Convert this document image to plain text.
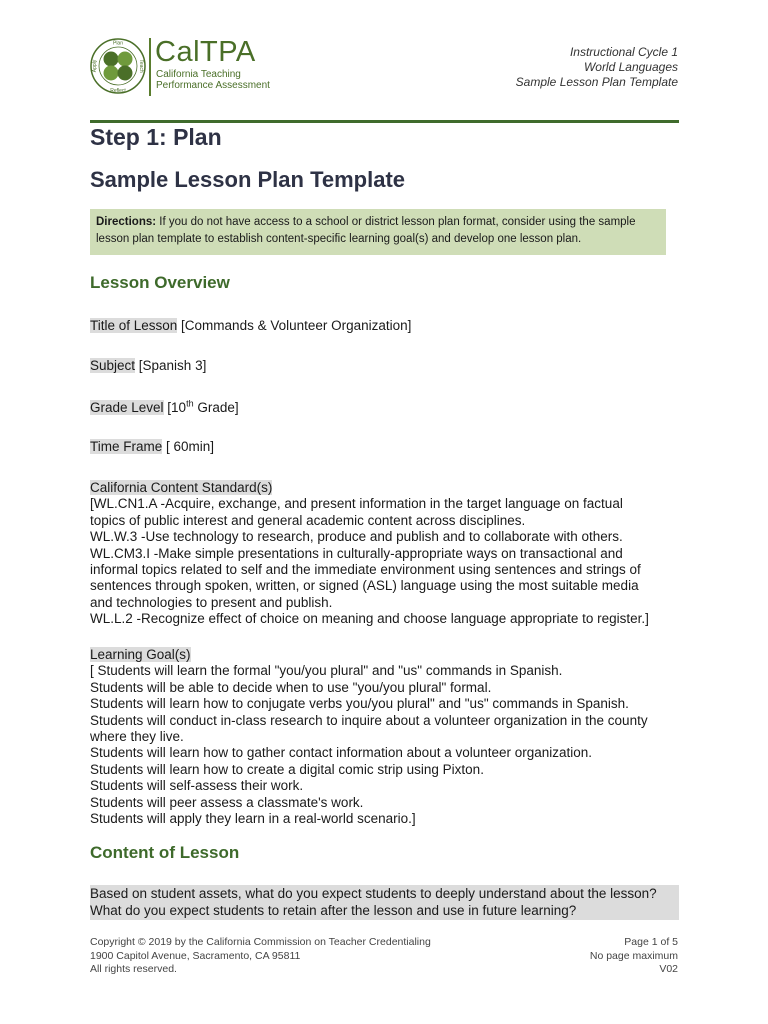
Plan
Teach
Reflect
Apply CalTPA
California Teaching
Performance Assessment
Instructional Cycle 1
World Languages
Sample Lesson Plan Template
Step 1: Plan
Sample Lesson Plan Template
Directions: If you do not have access to a school or district lesson plan format, consider using the sample lesson plan template to establish content-specific learning goal(s) and develop one lesson plan.
Lesson Overview
Title of Lesson [Commands & Volunteer Organization]
Subject [Spanish 3]
Grade Level [10th Grade]
Time Frame [ 60min]
California Content Standard(s)
[WL.CN1.A -Acquire, exchange, and present information in the target language on factual
topics of public interest and general academic content across disciplines.
WL.W.3 -Use technology to research, produce and publish and to collaborate with others.
WL.CM3.I -Make simple presentations in culturally-appropriate ways on transactional and
informal topics related to self and the immediate environment using sentences and strings of
sentences through spoken, written, or signed (ASL) language using the most suitable media
and technologies to present and publish.
WL.L.2 -Recognize effect of choice on meaning and choose language appropriate to register.]
Learning Goal(s)
[ Students will learn the formal "you/you plural" and "us" commands in Spanish.
Students will be able to decide when to use "you/you plural" formal.
Students will learn how to conjugate verbs you/you plural" and "us" commands in Spanish.
Students will conduct in-class research to inquire about a volunteer organization in the county
where they live.
Students will learn how to gather contact information about a volunteer organization.
Students will learn how to create a digital comic strip using Pixton.
Students will self-assess their work.
Students will peer assess a classmate's work.
Students will apply they learn in a real-world scenario.]
Content of Lesson
Based on student assets, what do you expect students to deeply understand about the lesson?
What do you expect students to retain after the lesson and use in future learning?
Copyright © 2019 by the California Commission on Teacher Credentialing
1900 Capitol Avenue, Sacramento, CA 95811
All rights reserved.
Page 1 of 5
No page maximum
V02
